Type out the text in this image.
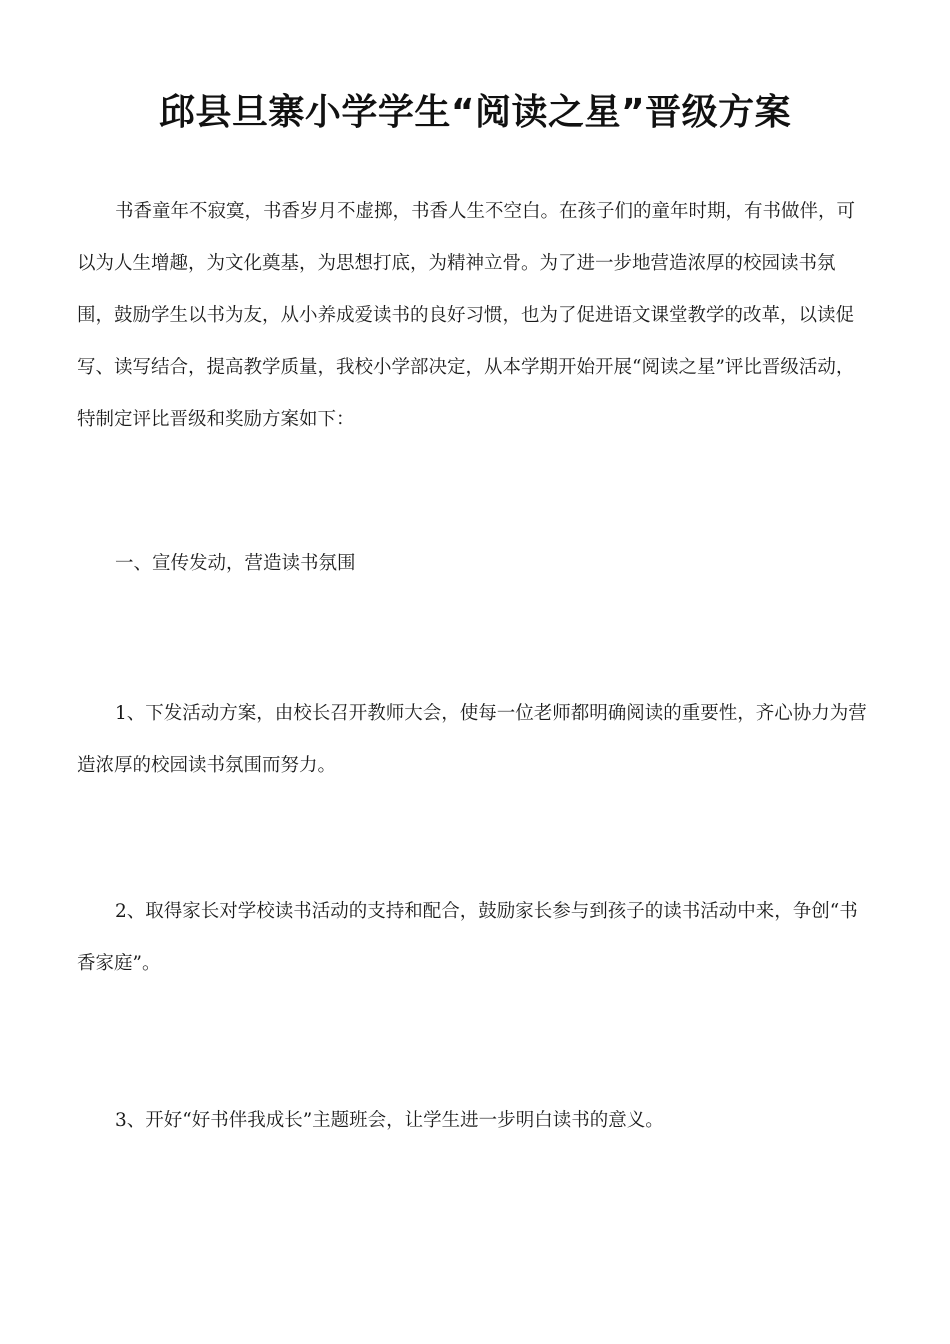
邱县旦寨小学学生“阅读之星”晋级方案

书香童年不寂寞，书香岁月不虚掷，书香人生不空白。在孩子们的童年时期，有书做伴，可以为人生增趣，为文化奠基，为思想打底，为精神立骨。为了进一步地营造浓厚的校园读书氛围，鼓励学生以书为友，从小养成爱读书的良好习惯，也为了促进语文课堂教学的改革，以读促写、读写结合，提高教学质量，我校小学部决定，从本学期开始开展“阅读之星”评比晋级活动，特制定评比晋级和奖励方案如下：

一、宣传发动，营造读书氛围

1、下发活动方案，由校长召开教师大会，使每一位老师都明确阅读的重要性，齐心协力为营造浓厚的校园读书氛围而努力。

2、取得家长对学校读书活动的支持和配合，鼓励家长参与到孩子的读书活动中来，争创“书香家庭”。

3、开好“好书伴我成长”主题班会，让学生进一步明白读书的意义。
